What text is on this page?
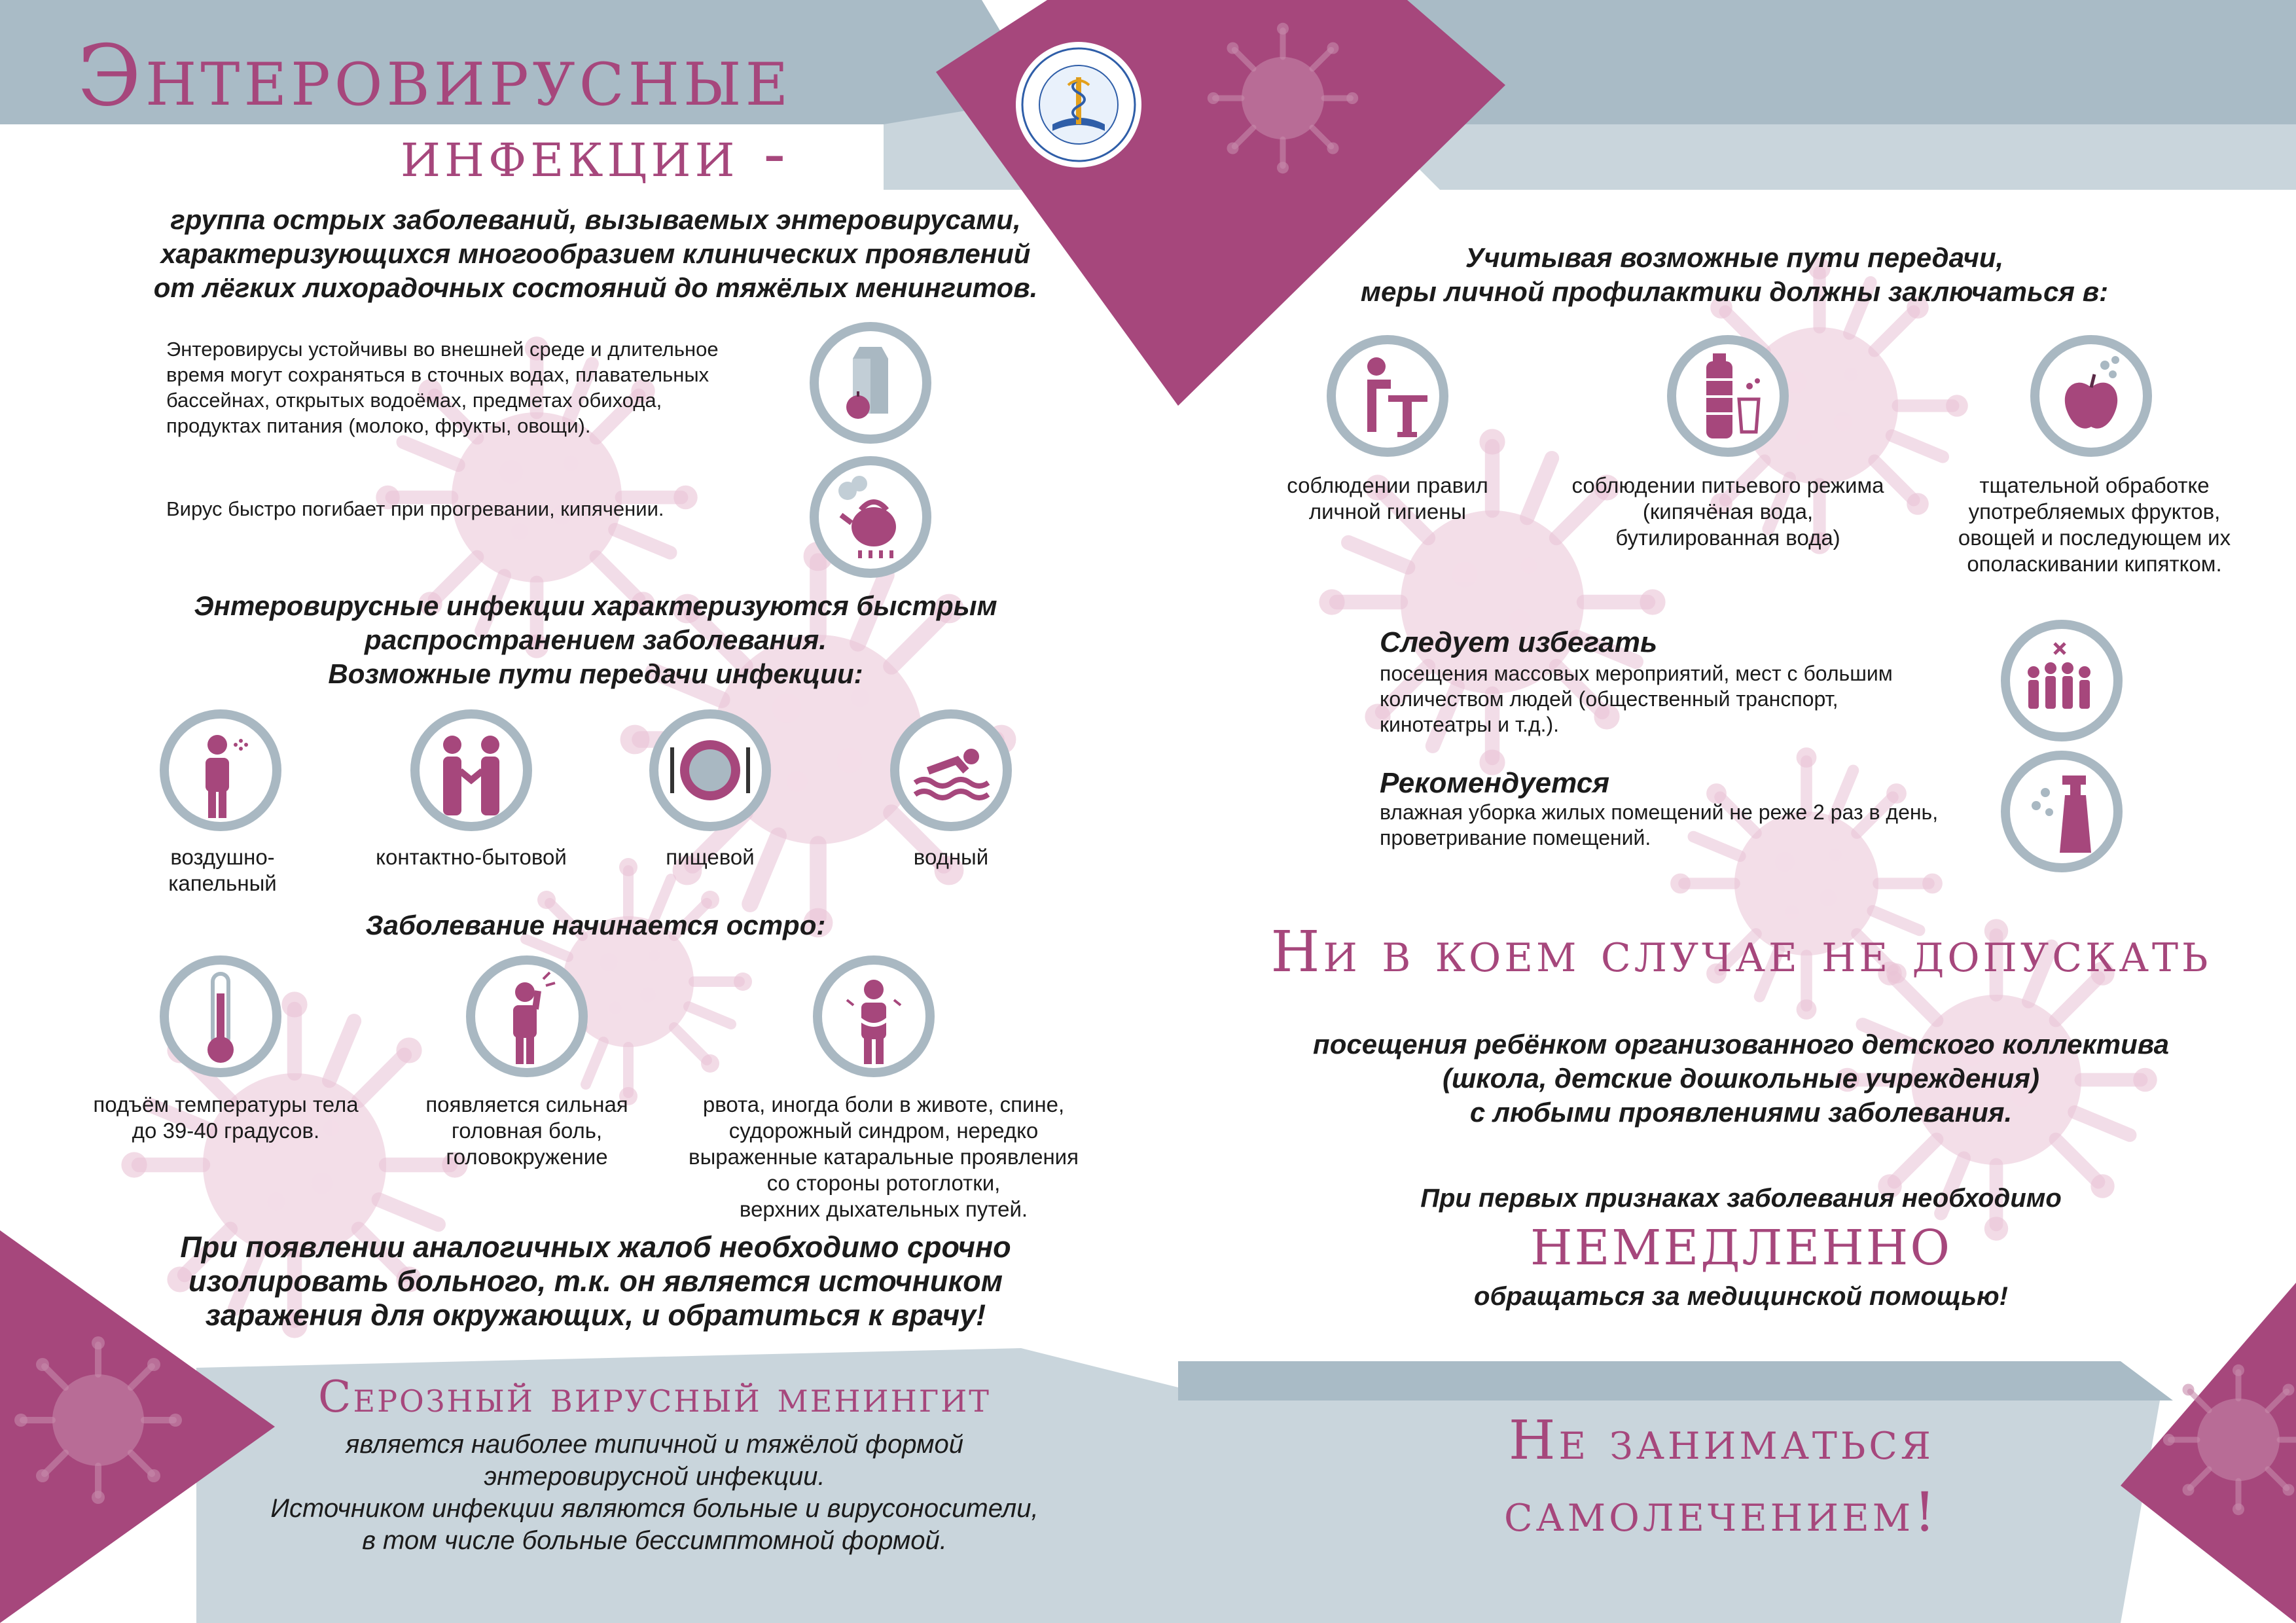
Энтеровирусные
инфекции -
группа острых заболеваний, вызываемых энтеровирусами,
характеризующихся многообразием клинических проявлений
от лёгких лихорадочных состояний до тяжёлых менингитов.
Энтеровирусы устойчивы во внешней среде и длительное
время могут сохраняться в сточных водах, плавательных
бассейнах, открытых водоёмах, предметах обихода,
продуктах питания (молоко, фрукты, овощи).
Вирус быстро погибает при прогревании, кипячении.
Энтеровирусные инфекции характеризуются быстрым
распространением заболевания.
Возможные пути передачи инфекции:
воздушно-
капельный
контактно-бытовой	пищевой	водный
Заболевание начинается остро:
подъём температуры тела
до 39-40 градусов.
появляется сильная
головная боль,
головокружение
рвота, иногда боли в животе, спине,
судорожный синдром, нередко
выраженные катаральные проявления
со стороны ротоглотки,
верхних дыхательных путей.
При появлении аналогичных жалоб необходимо срочно
изолировать больного, т.к. он является источником
заражения для окружающих, и обратиться к врачу!
Серозный вирусный менингит
является наиболее типичной и тяжёлой формой
энтеровирусной инфекции.
Источником инфекции являются больные и вирусоносители,
в том числе больные бессимптомной формой.
Учитывая возможные пути передачи,
меры личной профилактики должны заключаться в:
соблюдении правил
личной гигиены
соблюдении питьевого режима
(кипячёная вода,
бутилированная вода)
тщательной обработке
употребляемых фруктов,
овощей и последующем их
ополаскивании кипятком.
Следует избегать
посещения массовых мероприятий, мест с большим
количеством людей (общественный транспорт,
кинотеатры и т.д.).
Рекомендуется
влажная уборка жилых помещений не реже 2 раз в день,
проветривание помещений.
Ни в коем случае не допускать
посещения ребёнком организованного детского коллектива
(школа, детские дошкольные учреждения)
с любыми проявлениями заболевания.
При первых признаках заболевания необходимо
НЕМЕДЛЕННО
обращаться за медицинской помощью!
Не заниматься
самолечением!
